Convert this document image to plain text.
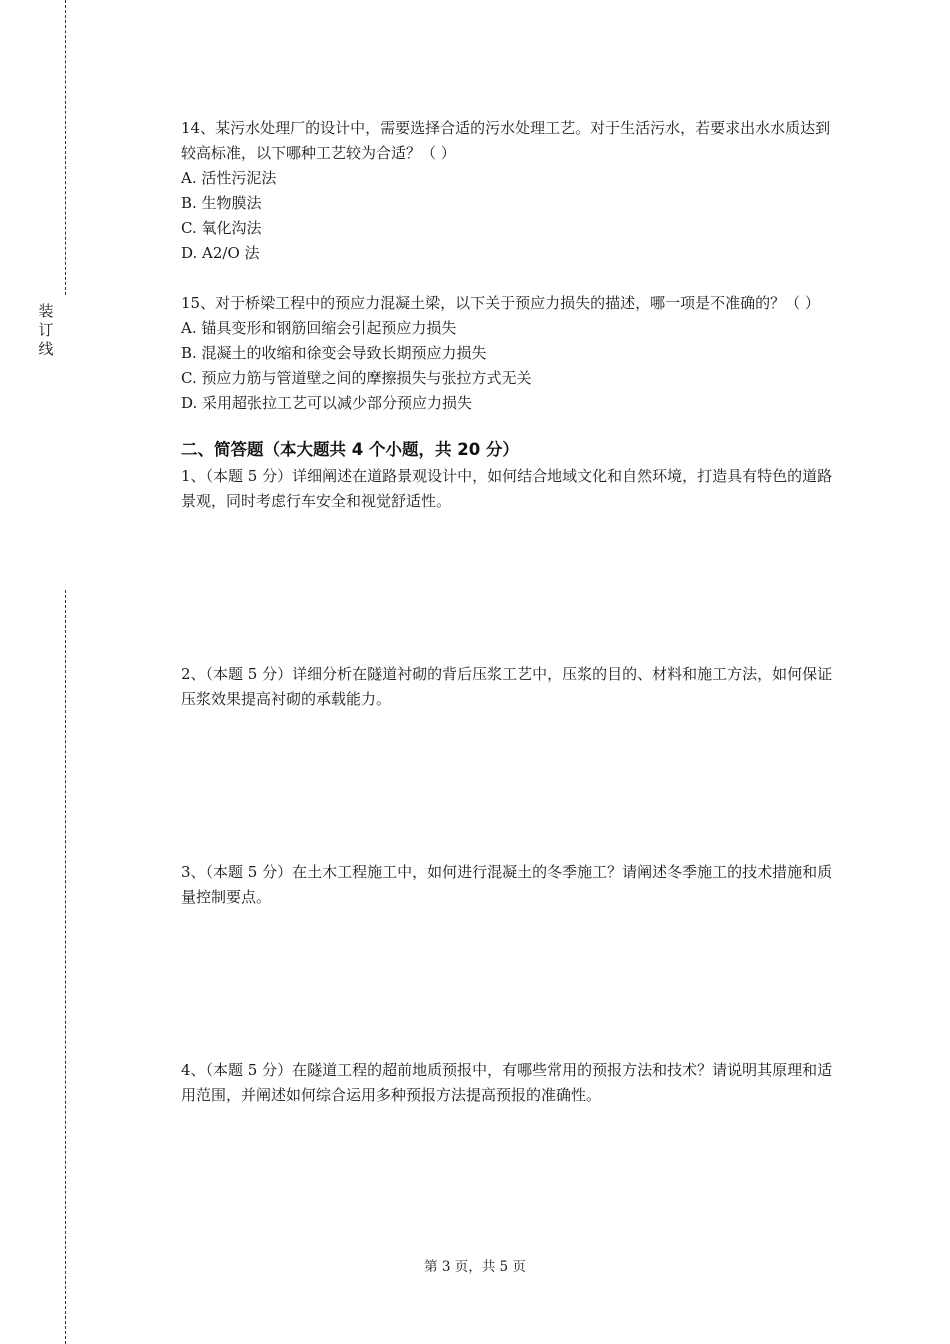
装
订
线

14、某污水处理厂的设计中，需要选择合适的污水处理工艺。对于生活污水，若要求出水水质达到较高标准，以下哪种工艺较为合适？（ ）

A. 活性污泥法
B. 生物膜法
C. 氧化沟法
D. A2/O 法

15、对于桥梁工程中的预应力混凝土梁，以下关于预应力损失的描述，哪一项是不准确的？（ ）

A. 锚具变形和钢筋回缩会引起预应力损失
B. 混凝土的收缩和徐变会导致长期预应力损失
C. 预应力筋与管道壁之间的摩擦损失与张拉方式无关
D. 采用超张拉工艺可以减少部分预应力损失
二、简答题（本大题共 4 个小题，共 20 分）

1、（本题 5 分）详细阐述在道路景观设计中，如何结合地域文化和自然环境，打造具有特色的道路景观，同时考虑行车安全和视觉舒适性。

2、（本题 5 分）详细分析在隧道衬砌的背后压浆工艺中，压浆的目的、材料和施工方法，如何保证压浆效果提高衬砌的承载能力。

3、（本题 5 分）在土木工程施工中，如何进行混凝土的冬季施工？请阐述冬季施工的技术措施和质量控制要点。

4、（本题 5 分）在隧道工程的超前地质预报中，有哪些常用的预报方法和技术？请说明其原理和适用范围，并阐述如何综合运用多种预报方法提高预报的准确性。

第 3 页，共 5 页
